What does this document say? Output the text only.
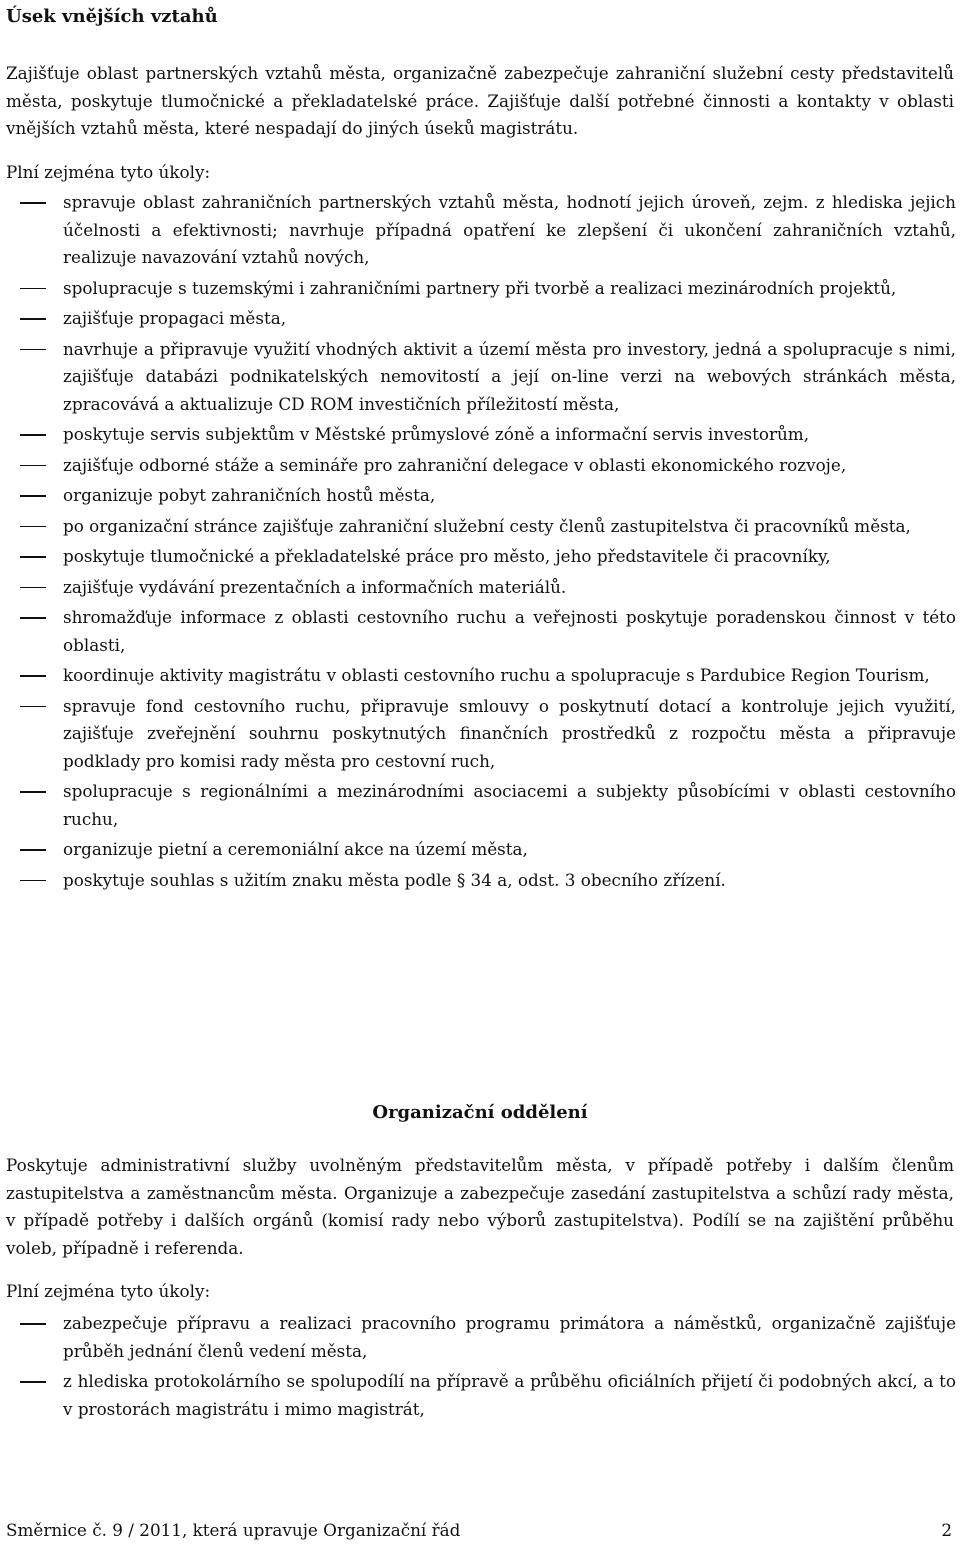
Úsek vnějších vztahů

Zajišťuje oblast partnerských vztahů města, organizačně zabezpečuje zahraniční služební cesty představitelů města, poskytuje tlumočnické a překladatelské práce. Zajišťuje další potřebné činnosti a kontakty v oblasti vnějších vztahů města, které nespadají do jiných úseků magistrátu.

Plní zejména tyto úkoly:

spravuje oblast zahraničních partnerských vztahů města, hodnotí jejich úroveň, zejm. z hlediska jejich účelnosti a efektivnosti; navrhuje případná opatření ke zlepšení či ukončení zahraničních vztahů, realizuje navazování vztahů nových,
spolupracuje s tuzemskými i zahraničními partnery při tvorbě a realizaci mezinárodních projektů,
zajišťuje propagaci města,
navrhuje a připravuje využití vhodných aktivit a území města pro investory, jedná a spolupracuje s nimi, zajišťuje databázi podnikatelských nemovitostí a její on-line verzi na webových stránkách města, zpracovává a aktualizuje CD ROM investičních příležitostí města,
poskytuje servis subjektům v Městské průmyslové zóně a informační servis investorům,
zajišťuje odborné stáže a semináře pro zahraniční delegace v oblasti ekonomického rozvoje,
organizuje pobyt zahraničních hostů města,
po organizační stránce zajišťuje zahraniční služební cesty členů zastupitelstva či pracovníků města,
poskytuje tlumočnické a překladatelské práce pro město, jeho představitele či pracovníky,
zajišťuje vydávání prezentačních a informačních materiálů.
shromažďuje informace z oblasti cestovního ruchu a veřejnosti poskytuje poradenskou činnost v této oblasti,
koordinuje aktivity magistrátu v oblasti cestovního ruchu a spolupracuje s Pardubice Region Tourism,
spravuje fond cestovního ruchu, připravuje smlouvy o poskytnutí dotací a kontroluje jejich využití, zajišťuje zveřejnění souhrnu poskytnutých finančních prostředků z rozpočtu města a připravuje podklady pro komisi rady města pro cestovní ruch,
spolupracuje s regionálními a mezinárodními asociacemi a subjekty působícími v oblasti cestovního ruchu,
organizuje pietní a ceremoniální akce na území města,
poskytuje souhlas s užitím znaku města podle § 34 a, odst. 3 obecního zřízení.
Organizační oddělení

Poskytuje administrativní služby uvolněným představitelům města, v případě potřeby i dalším členům zastupitelstva a zaměstnancům města. Organizuje a zabezpečuje zasedání zastupitelstva a schůzí rady města, v případě potřeby i dalších orgánů (komisí rady nebo výborů zastupitelstva). Podílí se na zajištění průběhu voleb, případně i referenda.

Plní zejména tyto úkoly:

zabezpečuje přípravu a realizaci pracovního programu primátora a náměstků, organizačně zajišťuje průběh jednání členů vedení města,
z hlediska protokolárního se spolupodílí na přípravě a průběhu oficiálních přijetí či podobných akcí, a to v prostorách magistrátu i mimo magistrát,
Směrnice č. 9 / 2011, která upravuje Organizační řád	2
